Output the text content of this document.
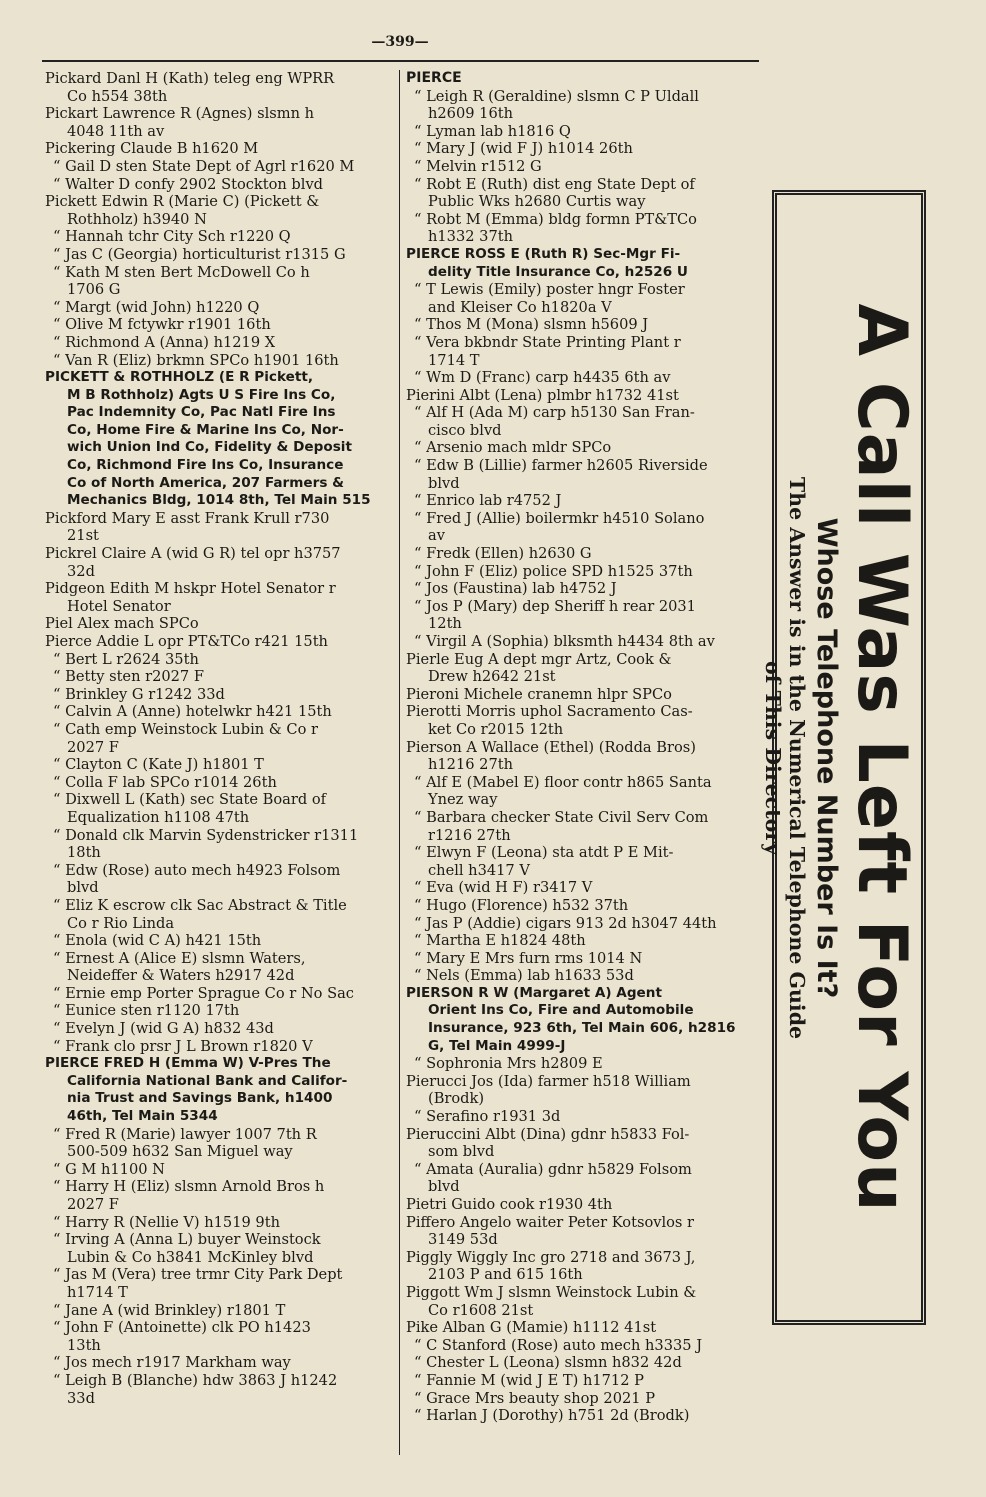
—399—
Pickard Danl H (Kath) teleg eng WPRR
Co h554 38th
Pickart Lawrence R (Agnes) slsmn h
4048 11th av
Pickering Claude B h1620 M
“ Gail D sten State Dept of Agrl r1620 M
“ Walter D confy 2902 Stockton blvd
Pickett Edwin R (Marie C) (Pickett &
Rothholz) h3940 N
“ Hannah tchr City Sch r1220 Q
“ Jas C (Georgia) horticulturist r1315 G
“ Kath M sten Bert McDowell Co h
1706 G
“ Margt (wid John) h1220 Q
“ Olive M fctywkr r1901 16th
“ Richmond A (Anna) h1219 X
“ Van R (Eliz) brkmn SPCo h1901 16th
PICKETT & ROTHHOLZ (E R Pickett,
M B Rothholz) Agts U S Fire Ins Co,
Pac Indemnity Co, Pac Natl Fire Ins
Co, Home Fire & Marine Ins Co, Nor-
wich Union Ind Co, Fidelity & Deposit
Co, Richmond Fire Ins Co, Insurance
Co of North America, 207 Farmers &
Mechanics Bldg, 1014 8th, Tel Main 515
Pickford Mary E asst Frank Krull r730
21st
Pickrel Claire A (wid G R) tel opr h3757
32d
Pidgeon Edith M hskpr Hotel Senator r
Hotel Senator
Piel Alex mach SPCo
Pierce Addie L opr PT&TCo r421 15th
“ Bert L r2624 35th
“ Betty sten r2027 F
“ Brinkley G r1242 33d
“ Calvin A (Anne) hotelwkr h421 15th
“ Cath emp Weinstock Lubin & Co r
2027 F
“ Clayton C (Kate J) h1801 T
“ Colla F lab SPCo r1014 26th
“ Dixwell L (Kath) sec State Board of
Equalization h1108 47th
“ Donald clk Marvin Sydenstricker r1311
18th
“ Edw (Rose) auto mech h4923 Folsom
blvd
“ Eliz K escrow clk Sac Abstract & Title
Co r Rio Linda
“ Enola (wid C A) h421 15th
“ Ernest A (Alice E) slsmn Waters,
Neideffer & Waters h2917 42d
“ Ernie emp Porter Sprague Co r No Sac
“ Eunice sten r1120 17th
“ Evelyn J (wid G A) h832 43d
“ Frank clo prsr J L Brown r1820 V
PIERCE FRED H (Emma W) V-Pres The
California National Bank and Califor-
nia Trust and Savings Bank, h1400
46th, Tel Main 5344
“ Fred R (Marie) lawyer 1007 7th R
500-509 h632 San Miguel way
“ G M h1100 N
“ Harry H (Eliz) slsmn Arnold Bros h
2027 F
“ Harry R (Nellie V) h1519 9th
“ Irving A (Anna L) buyer Weinstock
Lubin & Co h3841 McKinley blvd
“ Jas M (Vera) tree trmr City Park Dept
h1714 T
“ Jane A (wid Brinkley) r1801 T
“ John F (Antoinette) clk PO h1423
13th
“ Jos mech r1917 Markham way
“ Leigh B (Blanche) hdw 3863 J h1242
33d
PIERCE
“ Leigh R (Geraldine) slsmn C P Uldall
h2609 16th
“ Lyman lab h1816 Q
“ Mary J (wid F J) h1014 26th
“ Melvin r1512 G
“ Robt E (Ruth) dist eng State Dept of
Public Wks h2680 Curtis way
“ Robt M (Emma) bldg formn PT&TCo
h1332 37th
PIERCE ROSS E (Ruth R) Sec-Mgr Fi-
delity Title Insurance Co, h2526 U
“ T Lewis (Emily) poster hngr Foster
and Kleiser Co h1820a V
“ Thos M (Mona) slsmn h5609 J
“ Vera bkbndr State Printing Plant r
1714 T
“ Wm D (Franc) carp h4435 6th av
Pierini Albt (Lena) plmbr h1732 41st
“ Alf H (Ada M) carp h5130 San Fran-
cisco blvd
“ Arsenio mach mldr SPCo
“ Edw B (Lillie) farmer h2605 Riverside
blvd
“ Enrico lab r4752 J
“ Fred J (Allie) boilermkr h4510 Solano
av
“ Fredk (Ellen) h2630 G
“ John F (Eliz) police SPD h1525 37th
“ Jos (Faustina) lab h4752 J
“ Jos P (Mary) dep Sheriff h rear 2031
12th
“ Virgil A (Sophia) blksmth h4434 8th av
Pierle Eug A dept mgr Artz, Cook &
Drew h2642 21st
Pieroni Michele cranemn hlpr SPCo
Pierotti Morris uphol Sacramento Cas-
ket Co r2015 12th
Pierson A Wallace (Ethel) (Rodda Bros)
h1216 27th
“ Alf E (Mabel E) floor contr h865 Santa
Ynez way
“ Barbara checker State Civil Serv Com
r1216 27th
“ Elwyn F (Leona) sta atdt P E Mit-
chell h3417 V
“ Eva (wid H F) r3417 V
“ Hugo (Florence) h532 37th
“ Jas P (Addie) cigars 913 2d h3047 44th
“ Martha E h1824 48th
“ Mary E Mrs furn rms 1014 N
“ Nels (Emma) lab h1633 53d
PIERSON R W (Margaret A) Agent
Orient Ins Co, Fire and Automobile
Insurance, 923 6th, Tel Main 606, h2816
G, Tel Main 4999-J
“ Sophronia Mrs h2809 E
Pierucci Jos (Ida) farmer h518 William
(Brodk)
“ Serafino r1931 3d
Pieruccini Albt (Dina) gdnr h5833 Fol-
som blvd
“ Amata (Auralia) gdnr h5829 Folsom
blvd
Pietri Guido cook r1930 4th
Piffero Angelo waiter Peter Kotsovlos r
3149 53d
Piggly Wiggly Inc gro 2718 and 3673 J,
2103 P and 615 16th
Piggott Wm J slsmn Weinstock Lubin &
Co r1608 21st
Pike Alban G (Mamie) h1112 41st
“ C Stanford (Rose) auto mech h3335 J
“ Chester L (Leona) slsmn h832 42d
“ Fannie M (wid J E T) h1712 P
“ Grace Mrs beauty shop 2021 P
“ Harlan J (Dorothy) h751 2d (Brodk)
A Call Was Left For You
Whose Telephone Number Is It?
The Answer is in the Numerical Telephone Guide
of This Directory
